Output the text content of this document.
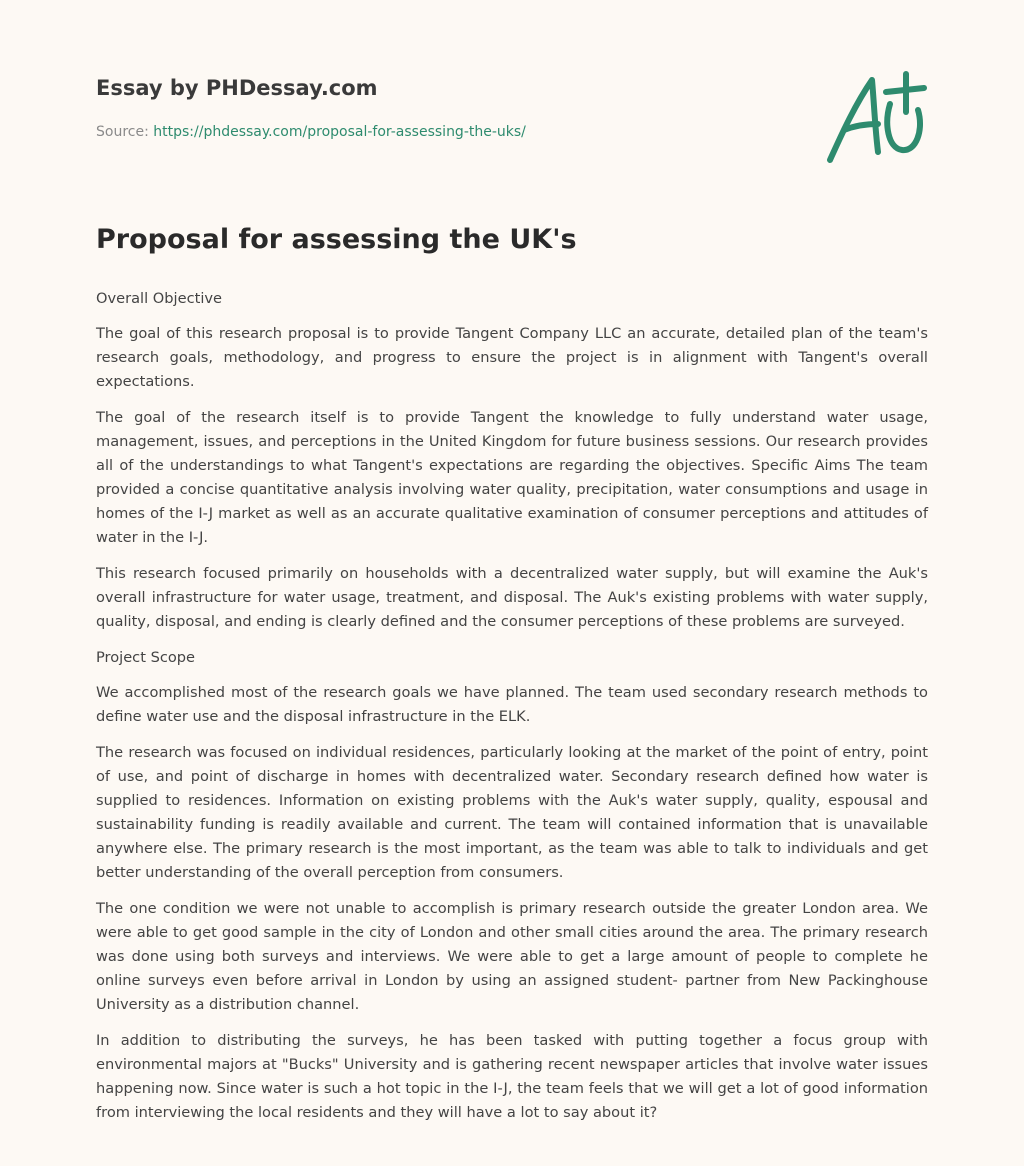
Essay by PHDessay.com
Source: https://phdessay.com/proposal-for-assessing-the-uks/
Proposal for assessing the UK's

Overall Objective

The goal of this research proposal is to provide Tangent Company LLC an accurate, detailed plan of the team's research goals, methodology, and progress to ensure the project is in alignment with Tangent's overall expectations.

The goal of the research itself is to provide Tangent the knowledge to fully understand water usage, management, issues, and perceptions in the United Kingdom for future business sessions. Our research provides all of the understandings to what Tangent's expectations are regarding the objectives. Specific Aims The team provided a concise quantitative analysis involving water quality, precipitation, water consumptions and usage in homes of the I-J market as well as an accurate qualitative examination of consumer perceptions and attitudes of water in the I-J.

This research focused primarily on households with a decentralized water supply, but will examine the Auk's overall infrastructure for water usage, treatment, and disposal. The Auk's existing problems with water supply, quality, disposal, and ending is clearly defined and the consumer perceptions of these problems are surveyed.

Project Scope

We accomplished most of the research goals we have planned. The team used secondary research methods to define water use and the disposal infrastructure in the ELK.

The research was focused on individual residences, particularly looking at the market of the point of entry, point of use, and point of discharge in homes with decentralized water. Secondary research defined how water is supplied to residences. Information on existing problems with the Auk's water supply, quality, espousal and sustainability funding is readily available and current. The team will contained information that is unavailable anywhere else. The primary research is the most important, as the team was able to talk to individuals and get better understanding of the overall perception from consumers.

The one condition we were not unable to accomplish is primary research outside the greater London area. We were able to get good sample in the city of London and other small cities around the area. The primary research was done using both surveys and interviews. We were able to get a large amount of people to complete he online surveys even before arrival in London by using an assigned student- partner from New Packinghouse University as a distribution channel.

In addition to distributing the surveys, he has been tasked with putting together a focus group with environmental majors at "Bucks" University and is gathering recent newspaper articles that involve water issues happening now. Since water is such a hot topic in the I-J, the team feels that we will get a lot of good information from interviewing the local residents and they will have a lot to say about it?
